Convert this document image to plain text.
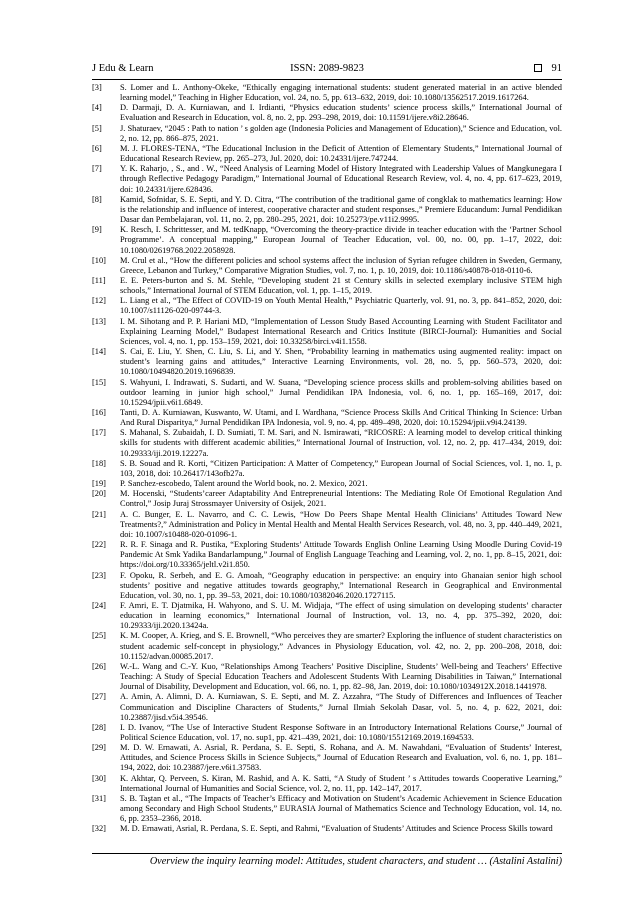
J Edu & Learn	ISSN: 2089-9823	91
[3]	S. Lomer and L. Anthony-Okeke, “Ethically engaging international students: student generated material in an active blended learning model,” Teaching in Higher Education, vol. 24, no. 5, pp. 613–632, 2019, doi: 10.1080/13562517.2019.1617264.
[4]	D. Darmaji, D. A. Kurniawan, and I. Irdianti, “Physics education students’ science process skills,” International Journal of Evaluation and Research in Education, vol. 8, no. 2, pp. 293–298, 2019, doi: 10.11591/ijere.v8i2.28646.
[5]	J. Shaturaev, “2045 : Path to nation ’ s golden age (Indonesia Policies and Management of Education),” Science and Education, vol. 2, no. 12, pp. 866–875, 2021.
[6]	M. J. FLORES-TENA, “The Educational Inclusion in the Deficit of Attention of Elementary Students,” International Journal of Educational Research Review, pp. 265–273, Jul. 2020, doi: 10.24331/ijere.747244.
[7]	Y. K. Raharjo, , S., and . W., “Need Analysis of Learning Model of History Integrated with Leadership Values of Mangkunegara I through Reflective Pedagogy Paradigm,” International Journal of Educational Research Review, vol. 4, no. 4, pp. 617–623, 2019, doi: 10.24331/ijere.628436.
[8]	Kamid, Sofnidar, S. E. Septi, and Y. D. Citra, “The contribution of the traditional game of congklak to mathematics learning: How is the relationship and influence of interest, cooperative character and student responses.,” Premiere Educandum: Jurnal Pendidikan Dasar dan Pembelajaran, vol. 11, no. 2, pp. 280–295, 2021, doi: 10.25273/pe.v11i2.9995.
[9]	K. Resch, I. Schrittesser, and M. tedKnapp, “Overcoming the theory-practice divide in teacher education with the ‘Partner School Programme’. A conceptual mapping,” European Journal of Teacher Education, vol. 00, no. 00, pp. 1–17, 2022, doi: 10.1080/02619768.2022.2058928.
[10]	M. Crul et al., “How the different policies and school systems affect the inclusion of Syrian refugee children in Sweden, Germany, Greece, Lebanon and Turkey,” Comparative Migration Studies, vol. 7, no. 1, p. 10, 2019, doi: 10.1186/s40878-018-0110-6.
[11]	E. E. Peters-burton and S. M. Stehle, “Developing student 21 st Century skills in selected exemplary inclusive STEM high schools,” International Journal of STEM Education, vol. 1, pp. 1–15, 2019.
[12]	L. Liang et al., “The Effect of COVID-19 on Youth Mental Health,” Psychiatric Quarterly, vol. 91, no. 3, pp. 841–852, 2020, doi: 10.1007/s11126-020-09744-3.
[13]	I. M. Sihotang and P. P. Hariani MD, “Implementation of Lesson Study Based Accounting Learning with Student Facilitator and Explaining Learning Model,” Budapest International Research and Critics Institute (BIRCI-Journal): Humanities and Social Sciences, vol. 4, no. 1, pp. 153–159, 2021, doi: 10.33258/birci.v4i1.1558.
[14]	S. Cai, E. Liu, Y. Shen, C. Liu, S. Li, and Y. Shen, “Probability learning in mathematics using augmented reality: impact on student’s learning gains and attitudes,” Interactive Learning Environments, vol. 28, no. 5, pp. 560–573, 2020, doi: 10.1080/10494820.2019.1696839.
[15]	S. Wahyuni, I. Indrawati, S. Sudarti, and W. Suana, “Developing science process skills and problem-solving abilities based on outdoor learning in junior high school,” Jurnal Pendidikan IPA Indonesia, vol. 6, no. 1, pp. 165–169, 2017, doi: 10.15294/jpii.v6i1.6849.
[16]	Tanti, D. A. Kurniawan, Kuswanto, W. Utami, and I. Wardhana, “Science Process Skills And Critical Thinking In Science: Urban And Rural Disparitya,” Jurnal Pendidikan IPA Indonesia, vol. 9, no. 4, pp. 489–498, 2020, doi: 10.15294/jpii.v9i4.24139.
[17]	S. Mahanal, S. Zubaidah, I. D. Sumiati, T. M. Sari, and N. Ismirawati, “RICOSRE: A learning model to develop critical thinking skills for students with different academic abilities,” International Journal of Instruction, vol. 12, no. 2, pp. 417–434, 2019, doi: 10.29333/iji.2019.12227a.
[18]	S. B. Souad and R. Korti, “Citizen Participation: A Matter of Competency,” European Journal of Social Sciences, vol. 1, no. 1, p. 103, 2018, doi: 10.26417/143ofb27a.
[19]	P. Sanchez-escobedo, Talent around the World book, no. 2. Mexico, 2021.
[20]	M. Hocenski, “Students’career Adaptability And Entrepreneurial Intentions: The Mediating Role Of Emotional Regulation And Control,” Josip Juraj Strossmayer University of Osijek, 2021.
[21]	A. C. Bunger, E. L. Navarro, and C. C. Lewis, “How Do Peers Shape Mental Health Clinicians’ Attitudes Toward New Treatments?,” Administration and Policy in Mental Health and Mental Health Services Research, vol. 48, no. 3, pp. 440–449, 2021, doi: 10.1007/s10488-020-01096-1.
[22]	R. R. F. Sinaga and R. Pustika, “Exploring Students’ Attitude Towards English Online Learning Using Moodle During Covid-19 Pandemic At Smk Yadika Bandarlampung,” Journal of English Language Teaching and Learning, vol. 2, no. 1, pp. 8–15, 2021, doi: https://doi.org/10.33365/jeltl.v2i1.850.
[23]	F. Opoku, R. Serbeh, and E. G. Amoah, “Geography education in perspective: an enquiry into Ghanaian senior high school students’ positive and negative attitudes towards geography,” International Research in Geographical and Environmental Education, vol. 30, no. 1, pp. 39–53, 2021, doi: 10.1080/10382046.2020.1727115.
[24]	F. Amri, E. T. Djatmika, H. Wahyono, and S. U. M. Widjaja, “The effect of using simulation on developing students’ character education in learning economics,” International Journal of Instruction, vol. 13, no. 4, pp. 375–392, 2020, doi: 10.29333/iji.2020.13424a.
[25]	K. M. Cooper, A. Krieg, and S. E. Brownell, “Who perceives they are smarter? Exploring the influence of student characteristics on student academic self-concept in physiology,” Advances in Physiology Education, vol. 42, no. 2, pp. 200–208, 2018, doi: 10.1152/advan.00085.2017.
[26]	W.-L. Wang and C.-Y. Kuo, “Relationships Among Teachers’ Positive Discipline, Students’ Well-being and Teachers’ Effective Teaching: A Study of Special Education Teachers and Adolescent Students With Learning Disabilities in Taiwan,” International Journal of Disability, Development and Education, vol. 66, no. 1, pp. 82–98, Jan. 2019, doi: 10.1080/1034912X.2018.1441978.
[27]	A. Amin, A. Alimni, D. A. Kurniawan, S. E. Septi, and M. Z. Azzahra, “The Study of Differences and Influences of Teacher Communication and Discipline Characters of Students,” Jurnal Ilmiah Sekolah Dasar, vol. 5, no. 4, p. 622, 2021, doi: 10.23887/jisd.v5i4.39546.
[28]	I. D. Ivanov, “The Use of Interactive Student Response Software in an Introductory International Relations Course,” Journal of Political Science Education, vol. 17, no. sup1, pp. 421–439, 2021, doi: 10.1080/15512169.2019.1694533.
[29]	M. D. W. Ernawati, A. Asrial, R. Perdana, S. E. Septi, S. Rohana, and A. M. Nawahdani, “Evaluation of Students’ Interest, Attitudes, and Science Process Skills in Science Subjects,” Journal of Education Research and Evaluation, vol. 6, no. 1, pp. 181–194, 2022, doi: 10.23887/jere.v6i1.37583.
[30]	K. Akhtar, Q. Perveen, S. Kiran, M. Rashid, and A. K. Satti, “A Study of Student ’ s Attitudes towards Cooperative Learning,” International Journal of Humanities and Social Science, vol. 2, no. 11, pp. 142–147, 2017.
[31]	S. B. Taştan et al., “The Impacts of Teacher’s Efficacy and Motivation on Student’s Academic Achievement in Science Education among Secondary and High School Students,” EURASIA Journal of Mathematics Science and Technology Education, vol. 14, no. 6, pp. 2353–2366, 2018.
[32]	M. D. Ernawati, Asrial, R. Perdana, S. E. Septi, and Rahmi, “Evaluation of Students’ Attitudes and Science Process Skills toward
Overview the inquiry learning model: Attitudes, student characters, and student … (Astalini Astalini)
